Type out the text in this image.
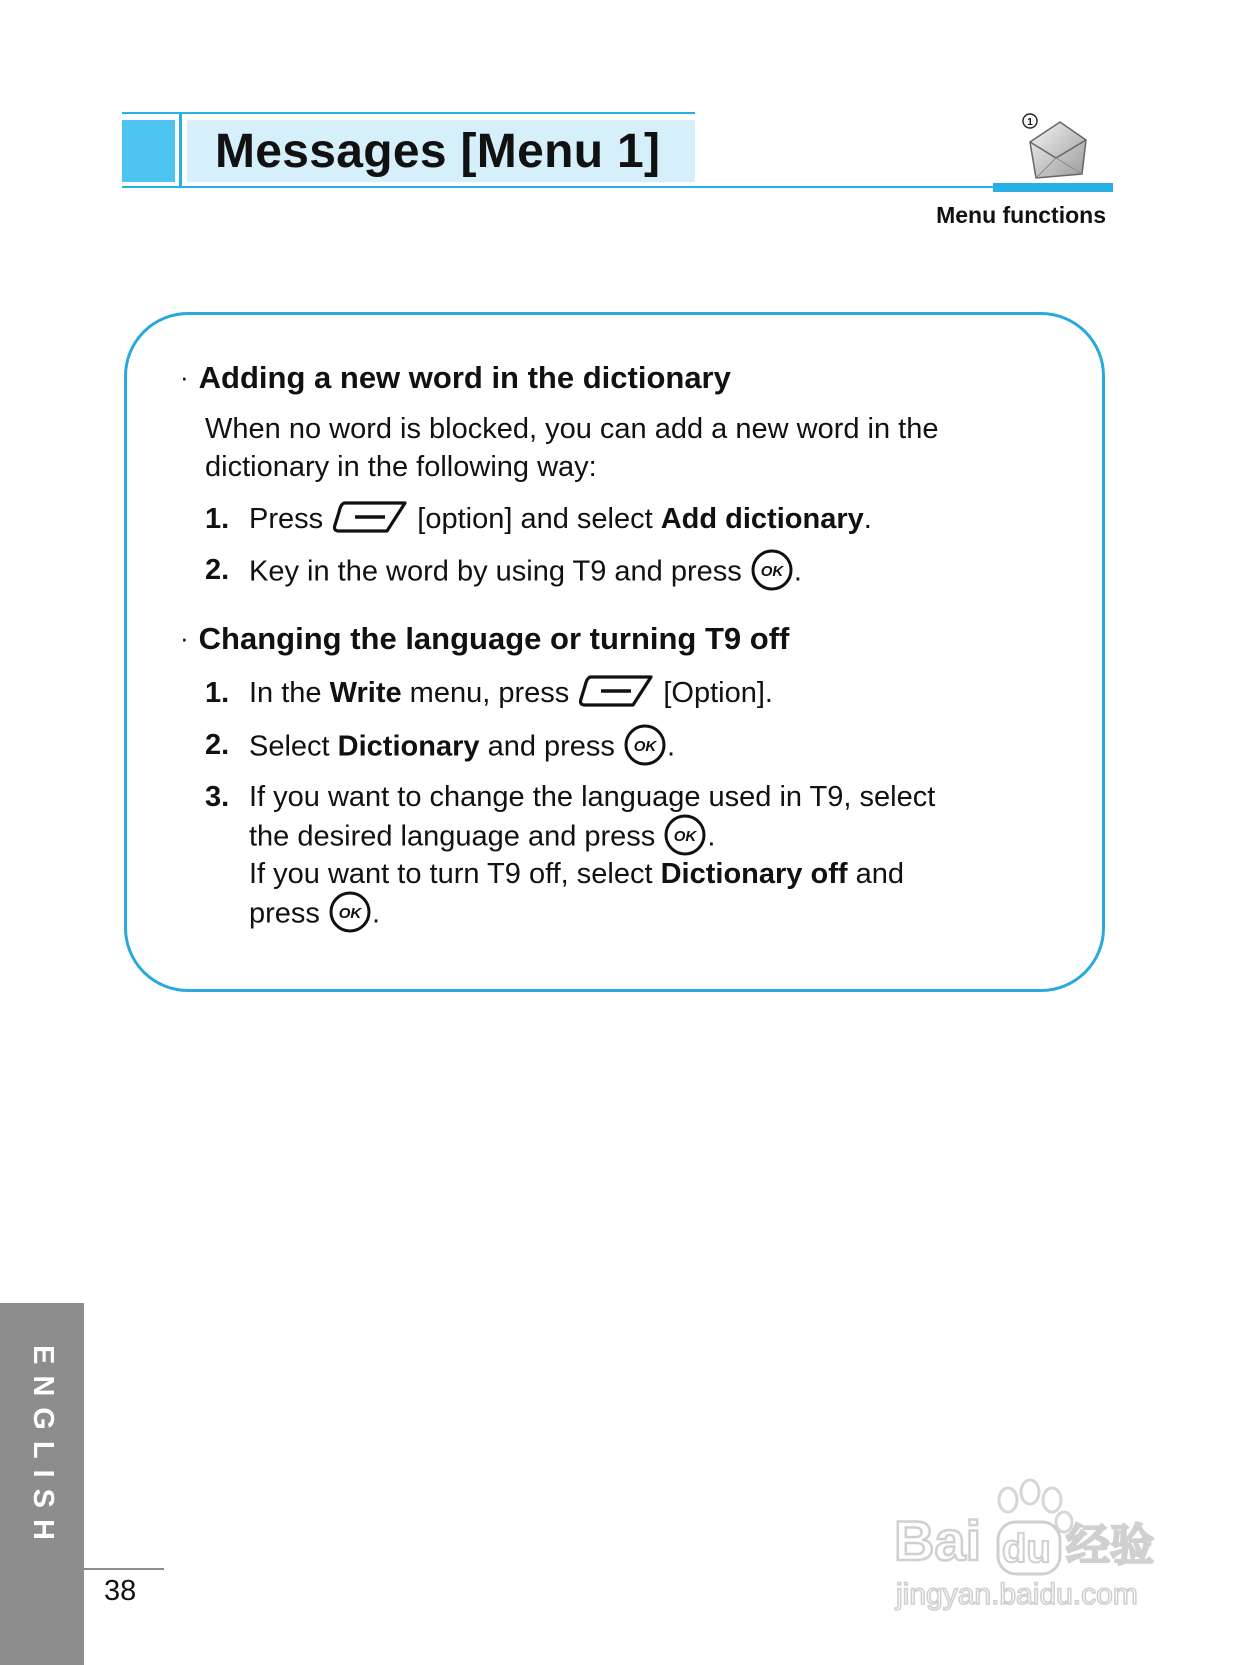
Messages [Menu 1]
1
Menu functions
· Adding a new word in the dictionary
When no word is blocked, you can add a new word in the
dictionary in the following way:
1. Press	[option] and select Add dictionary.
2. Key in the word by using T9 and press OK .
· Changing the language or turning T9 off
1. In the Write menu, press	[Option].
2. Select Dictionary and press OK .
3. If you want to change the language used in T9, select
the desired language and press OK .
If you want to turn T9 off, select Dictionary off and
press OK .
ENGLISH
38
Bai du 经验
jingyan.baidu.com
